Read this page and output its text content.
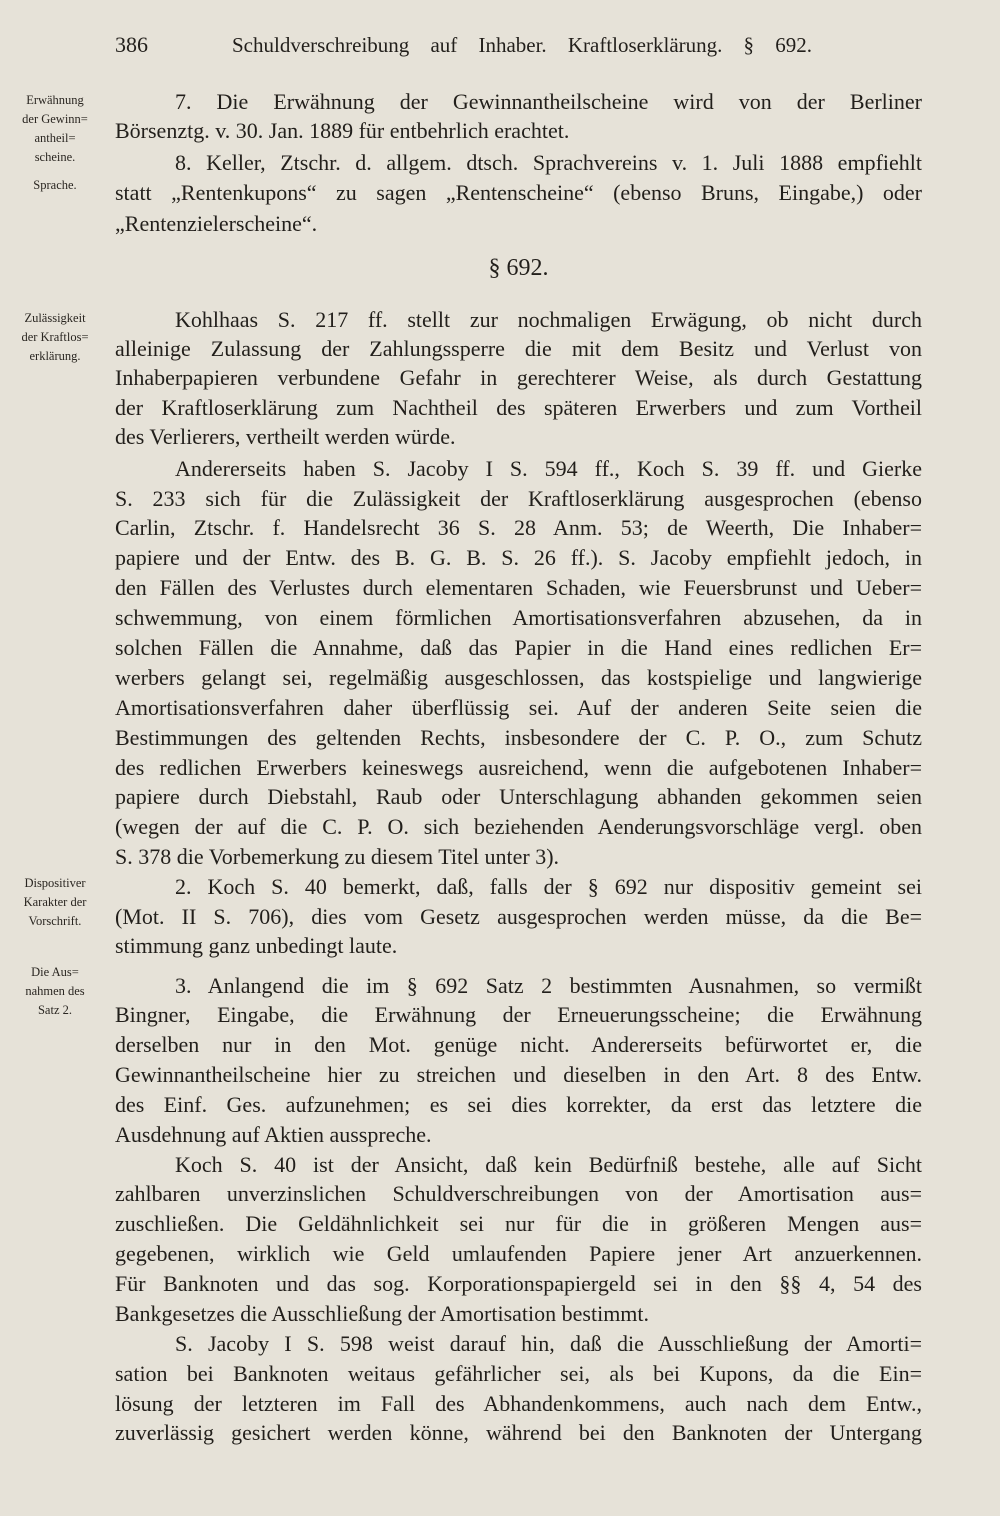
386	Schuldverschreibung auf Inhaber. Kraftloserklärung. § 692.
Erwähnung
der Gewinn=
antheil=
scheine.
Sprache.
Zulässigkeit
der Kraftlos=
erklärung.
Dispositiver
Karakter der
Vorschrift.
Die Aus=
nahmen des
Satz 2.
7. Die Erwähnung der Gewinnantheilscheine wird von der Berliner
Börsenztg. v. 30. Jan. 1889 für entbehrlich erachtet.
8. Keller, Ztschr. d. allgem. dtsch. Sprachvereins v. 1. Juli 1888 empfiehlt
statt „Rentenkupons“ zu sagen „Rentenscheine“ (ebenso Bruns, Eingabe,) oder
„Rentenzielerscheine“.
§ 692.
Kohlhaas S. 217 ff. stellt zur nochmaligen Erwägung, ob nicht durch
alleinige Zulassung der Zahlungssperre die mit dem Besitz und Verlust von
Inhaberpapieren verbundene Gefahr in gerechterer Weise, als durch Gestattung
der Kraftloserklärung zum Nachtheil des späteren Erwerbers und zum Vortheil
des Verlierers, vertheilt werden würde.
Andererseits haben S. Jacoby I S. 594 ff., Koch S. 39 ff. und Gierke
S. 233 sich für die Zulässigkeit der Kraftloserklärung ausgesprochen (ebenso
Carlin, Ztschr. f. Handelsrecht 36 S. 28 Anm. 53; de Weerth, Die Inhaber=
papiere und der Entw. des B. G. B. S. 26 ff.). S. Jacoby empfiehlt jedoch, in
den Fällen des Verlustes durch elementaren Schaden, wie Feuersbrunst und Ueber=
schwemmung, von einem förmlichen Amortisationsverfahren abzusehen, da in
solchen Fällen die Annahme, daß das Papier in die Hand eines redlichen Er=
werbers gelangt sei, regelmäßig ausgeschlossen, das kostspielige und langwierige
Amortisationsverfahren daher überflüssig sei. Auf der anderen Seite seien die
Bestimmungen des geltenden Rechts, insbesondere der C. P. O., zum Schutz
des redlichen Erwerbers keineswegs ausreichend, wenn die aufgebotenen Inhaber=
papiere durch Diebstahl, Raub oder Unterschlagung abhanden gekommen seien
(wegen der auf die C. P. O. sich beziehenden Aenderungsvorschläge vergl. oben
S. 378 die Vorbemerkung zu diesem Titel unter 3).
2. Koch S. 40 bemerkt, daß, falls der § 692 nur dispositiv gemeint sei
(Mot. II S. 706), dies vom Gesetz ausgesprochen werden müsse, da die Be=
stimmung ganz unbedingt laute.
3. Anlangend die im § 692 Satz 2 bestimmten Ausnahmen, so vermißt
Bingner, Eingabe, die Erwähnung der Erneuerungsscheine; die Erwähnung
derselben nur in den Mot. genüge nicht. Andererseits befürwortet er, die
Gewinnantheilscheine hier zu streichen und dieselben in den Art. 8 des Entw.
des Einf. Ges. aufzunehmen; es sei dies korrekter, da erst das letztere die
Ausdehnung auf Aktien ausspreche.
Koch S. 40 ist der Ansicht, daß kein Bedürfniß bestehe, alle auf Sicht
zahlbaren unverzinslichen Schuldverschreibungen von der Amortisation aus=
zuschließen. Die Geldähnlichkeit sei nur für die in größeren Mengen aus=
gegebenen, wirklich wie Geld umlaufenden Papiere jener Art anzuerkennen.
Für Banknoten und das sog. Korporationspapiergeld sei in den §§ 4, 54 des
Bankgesetzes die Ausschließung der Amortisation bestimmt.
S. Jacoby I S. 598 weist darauf hin, daß die Ausschließung der Amorti=
sation bei Banknoten weitaus gefährlicher sei, als bei Kupons, da die Ein=
lösung der letzteren im Fall des Abhandenkommens, auch nach dem Entw.,
zuverlässig gesichert werden könne, während bei den Banknoten der Untergang
